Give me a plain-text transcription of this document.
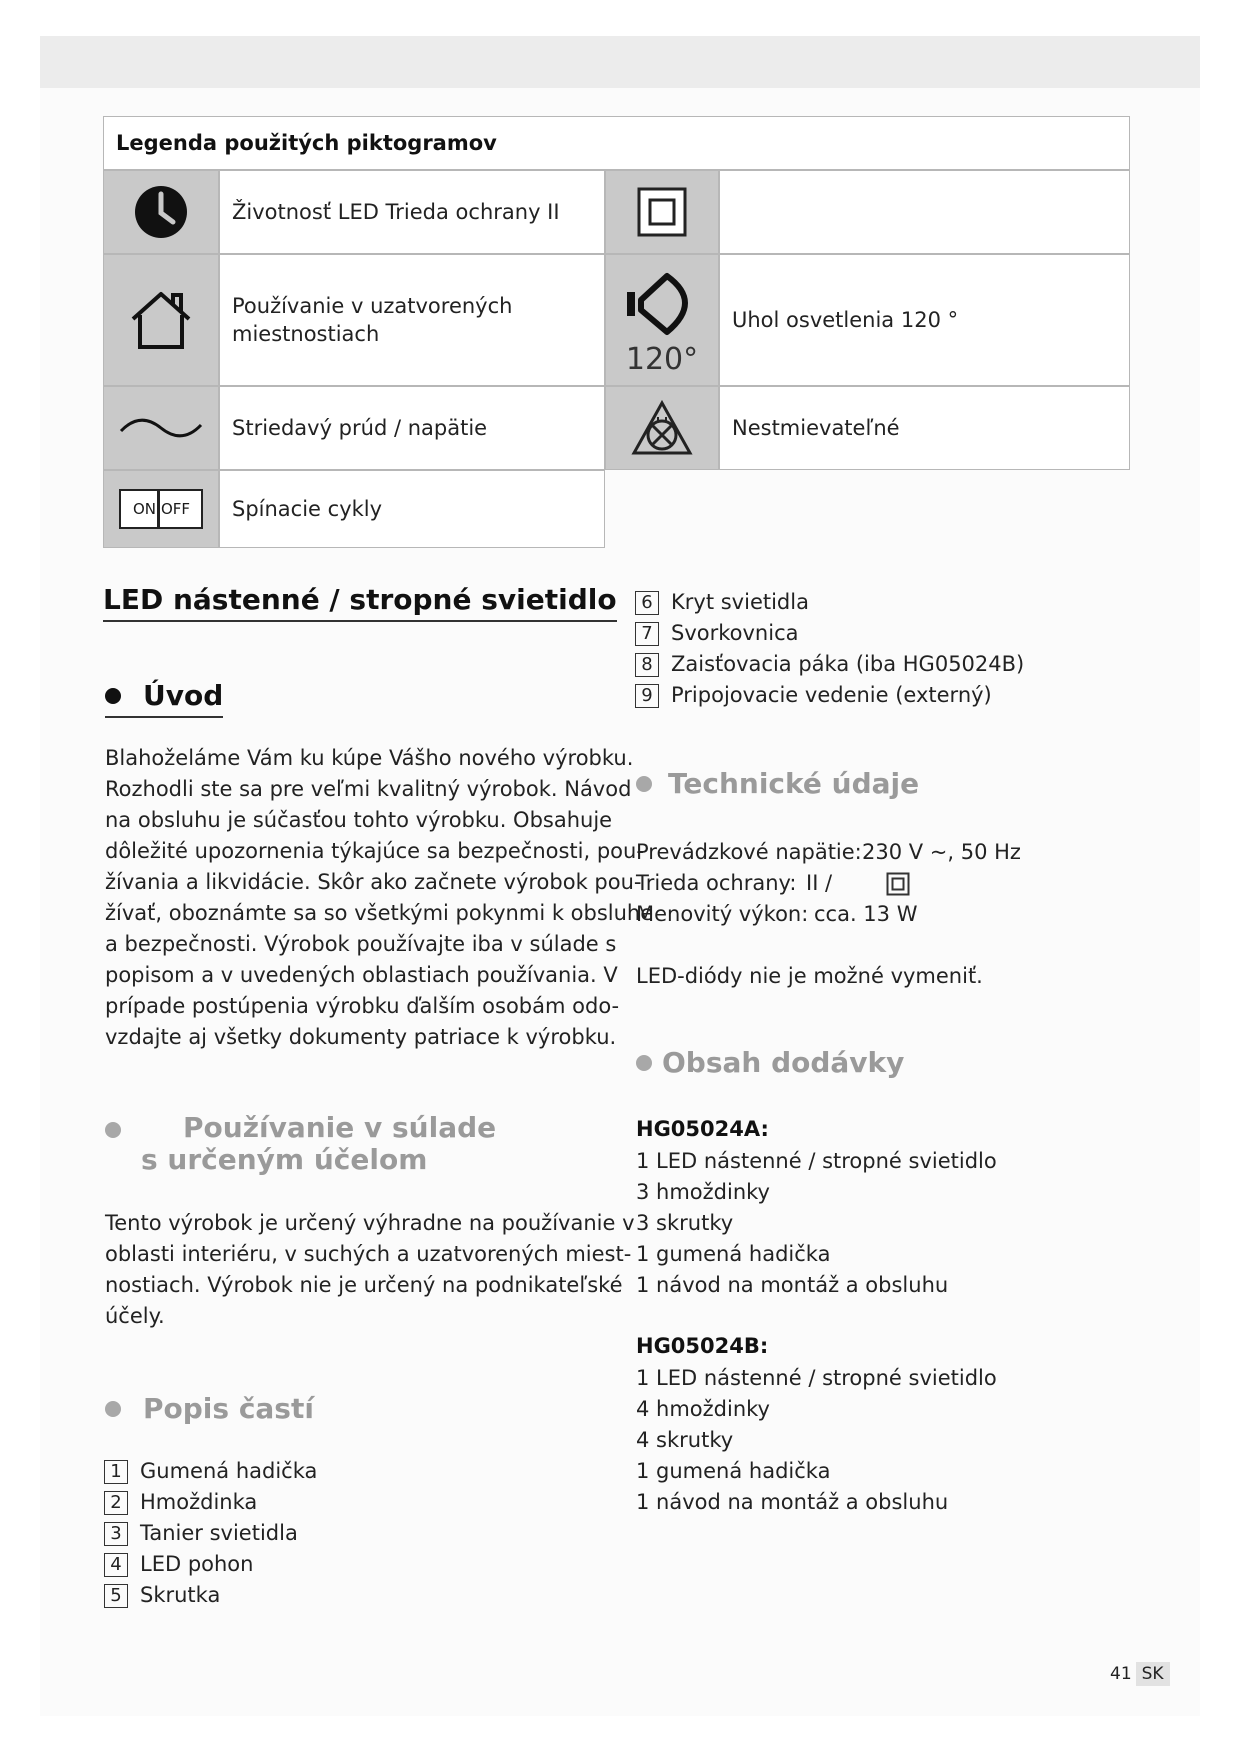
Legenda použitých piktogramov
Životnosť LED Trieda ochrany II
Používanie v uzatvorených miestnostiach
120°
Uhol osvetlenia 120 °
Striedavý prúd / napätie	Nestmievateľné
ON OFF	Spínacie cykly
LED nástenné / stropné svietidlo
Úvod

Blahoželáme Vám ku kúpe Vášho nového výrobku.

Rozhodli ste sa pre veľmi kvalitný výrobok. Návod

na obsluhu je súčasťou tohto výrobku. Obsahuje

dôležité upozornenia týkajúce sa bezpečnosti, pou-

žívania a likvidácie. Skôr ako začnete výrobok pou-

žívať, oboznámte sa so všetkými pokynmi k obsluhe

a bezpečnosti. Výrobok používajte iba v súlade s

popisom a v uvedených oblastiach používania. V

prípade postúpenia výrobku ďalším osobám odo-

vzdajte aj všetky dokumenty patriace k výrobku.

Používanie v súlade
s určeným účelom

Tento výrobok je určený výhradne na používanie v

oblasti interiéru, v suchých a uzatvorených miest-

nostiach. Výrobok nie je určený na podnikateľské

účely.

Popis častí
1 Gumená hadička
2 Hmoždinka
3 Tanier svietidla
4 LED pohon
5 Skrutka
6 Kryt svietidla
7 Svorkovnica
8 Zaisťovacia páka (iba HG05024B)
9 Pripojovacie vedenie (externý)
Technické údaje
Prevádzkové napätie: 230 V ~, 50 Hz
Trieda ochrany: II /
Menovitý výkon: cca. 13 W
LED-diódy nie je možné vymeniť.
Obsah dodávky
HG05024A:
1 LED nástenné / stropné svietidlo
3 hmoždinky
3 skrutky
1 gumená hadička
1 návod na montáž a obsluhu
HG05024B:
1 LED nástenné / stropné svietidlo
4 hmoždinky
4 skrutky
1 gumená hadička
1 návod na montáž a obsluhu
41 SK
